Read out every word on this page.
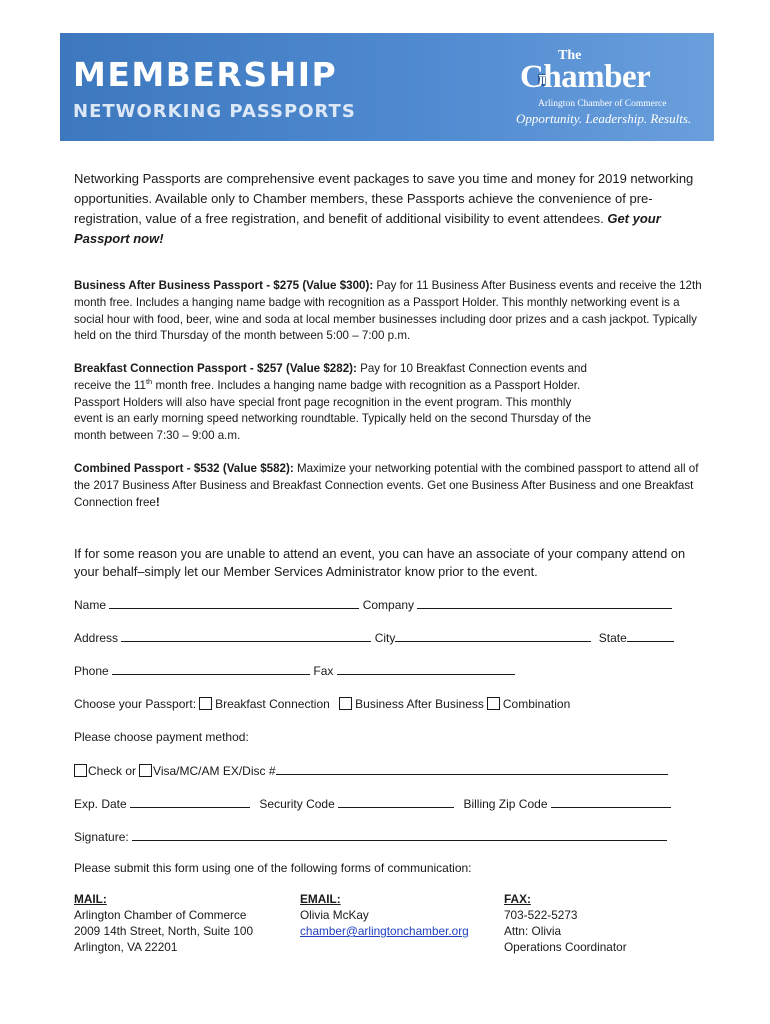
MEMBERSHIP
NETWORKING PASSPORTS
The
Chamber
Arlington Chamber of Commerce
Opportunity. Leadership. Results.
Networking Passports are comprehensive event packages to save you time and money for 2019 networking opportunities. Available only to Chamber members, these Passports achieve the convenience of pre-registration, value of a free registration, and benefit of additional visibility to event attendees. Get your Passport now!
Business After Business Passport - $275 (Value $300): Pay for 11 Business After Business events and receive the 12th month free. Includes a hanging name badge with recognition as a Passport Holder. This monthly networking event is a social hour with food, beer, wine and soda at local member businesses including door prizes and a cash jackpot. Typically held on the third Thursday of the month between 5:00 – 7:00 p.m.
Breakfast Connection Passport - $257 (Value $282): Pay for 10 Breakfast Connection events and
receive the 11th month free. Includes a hanging name badge with recognition as a Passport Holder.
Passport Holders will also have special front page recognition in the event program. This monthly
event is an early morning speed networking roundtable. Typically held on the second Thursday of the
month between 7:30 – 9:00 a.m.
Combined Passport - $532 (Value $582): Maximize your networking potential with the combined passport to attend all of the 2017 Business After Business and Breakfast Connection events. Get one Business After Business and one Breakfast Connection free!
If for some reason you are unable to attend an event, you can have an associate of your company attend on your behalf–simply let our Member Services Administrator know prior to the event.
Name	Company
Address	City	State
Phone	Fax
Choose your Passport: Breakfast Connection Business After Business Combination
Please choose payment method:
Check or Visa/MC/AM EX/Disc #
Exp. Date	Security Code	Billing Zip Code
Signature:
Please submit this form using one of the following forms of communication:
MAIL:
Arlington Chamber of Commerce
2009 14th Street, North, Suite 100
Arlington, VA 22201
EMAIL:
Olivia McKay
chamber@arlingtonchamber.org
FAX:
703-522-5273
Attn: Olivia
Operations Coordinator
